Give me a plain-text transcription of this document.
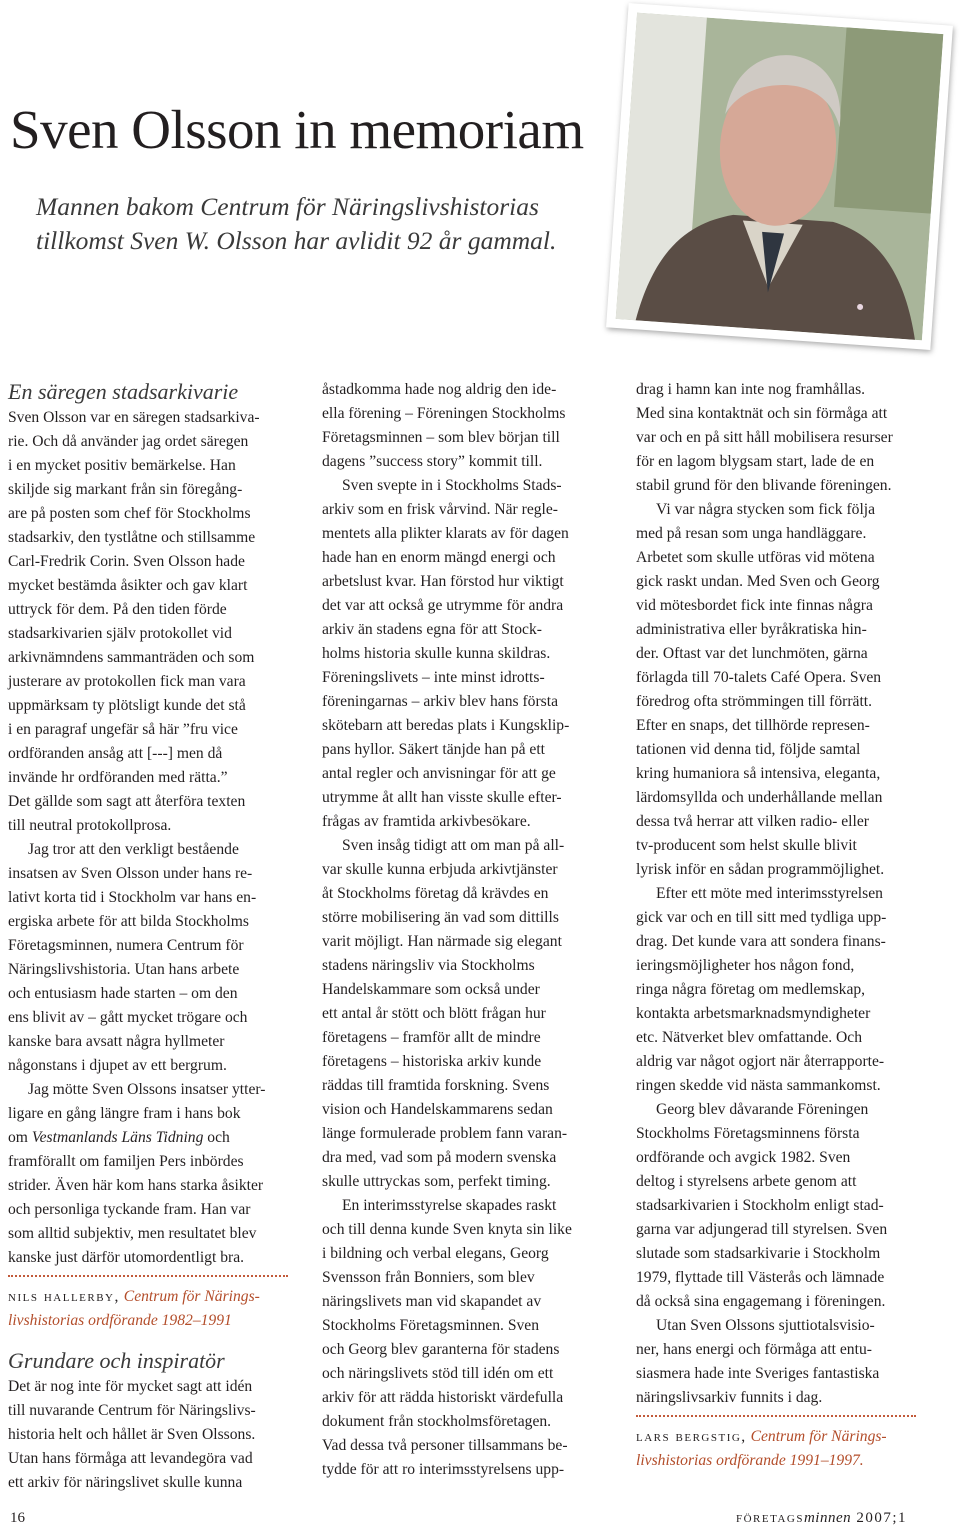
Sven Olsson in memoriam
Mannen bakom Centrum för Näringslivshistorias
tillkomst Sven W. Olsson har avlidit 92 år gammal.
En säregen stadsarkivarie

Sven Olsson var en säregen stadsarkiva-

rie. Och då använder jag ordet säregen

i en mycket positiv bemärkelse. Han

skiljde sig markant från sin föregång-

are på posten som chef för Stockholms

stadsarkiv, den tystlåtne och stillsamme

Carl-Fredrik Corin. Sven Olsson hade

mycket bestämda åsikter och gav klart

uttryck för dem. På den tiden förde

stadsarkivarien själv protokollet vid

arkivnämndens sammanträden och som

justerare av protokollen fick man vara

uppmärksam ty plötsligt kunde det stå

i en paragraf ungefär så här ”fru vice

ordföranden ansåg att [---] men då

invände hr ordföranden med rätta.”

Det gällde som sagt att återföra texten

till neutral protokollprosa.

Jag tror att den verkligt bestående

insatsen av Sven Olsson under hans re-

lativt korta tid i Stockholm var hans en-

ergiska arbete för att bilda Stockholms

Företagsminnen, numera Centrum för

Näringslivshistoria. Utan hans arbete

och entusiasm hade starten – om den

ens blivit av – gått mycket trögare och

kanske bara avsatt några hyllmeter

någonstans i djupet av ett bergrum.

Jag mötte Sven Olssons insatser ytter-

ligare en gång längre fram i hans bok

om Vestmanlands Läns Tidning och

framförallt om familjen Pers inbördes

strider. Även här kom hans starka åsikter

och personliga tyckande fram. Han var

som alltid subjektiv, men resultatet blev

kanske just därför utomordentligt bra.

nils hallerby, Centrum för Närings-

livshistorias ordförande 1982–1991

Grundare och inspiratör

Det är nog inte för mycket sagt att idén

till nuvarande Centrum för Näringslivs-

historia helt och hållet är Sven Olssons.

Utan hans förmåga att levandegöra vad

ett arkiv för näringslivet skulle kunna

åstadkomma hade nog aldrig den ide-

ella förening – Föreningen Stockholms

Företagsminnen – som blev början till

dagens ”success story” kommit till.

Sven svepte in i Stockholms Stads-

arkiv som en frisk vårvind. När regle-

mentets alla plikter klarats av för dagen

hade han en enorm mängd energi och

arbetslust kvar. Han förstod hur viktigt

det var att också ge utrymme för andra

arkiv än stadens egna för att Stock-

holms historia skulle kunna skildras.

Föreningslivets – inte minst idrotts-

föreningarnas – arkiv blev hans första

skötebarn att beredas plats i Kungsklip-

pans hyllor. Säkert tänjde han på ett

antal regler och anvisningar för att ge

utrymme åt allt han visste skulle efter-

frågas av framtida arkivbesökare.

Sven insåg tidigt att om man på all-

var skulle kunna erbjuda arkivtjänster

åt Stockholms företag då krävdes en

större mobilisering än vad som dittills

varit möjligt. Han närmade sig elegant

stadens näringsliv via Stockholms

Handelskammare som också under

ett antal år stött och blött frågan hur

företagens – framför allt de mindre

företagens – historiska arkiv kunde

räddas till framtida forskning. Svens

vision och Handelskammarens sedan

länge formulerade problem fann varan-

dra med, vad som på modern svenska

skulle uttryckas som, perfekt timing.

En interimsstyrelse skapades raskt

och till denna kunde Sven knyta sin like

i bildning och verbal elegans, Georg

Svensson från Bonniers, som blev

näringslivets man vid skapandet av

Stockholms Företagsminnen. Sven

och Georg blev garanterna för stadens

och näringslivets stöd till idén om ett

arkiv för att rädda historiskt värdefulla

dokument från stockholmsföretagen.

Vad dessa två personer tillsammans be-

tydde för att ro interimsstyrelsens upp-

drag i hamn kan inte nog framhållas.

Med sina kontaktnät och sin förmåga att

var och en på sitt håll mobilisera resurser

för en lagom blygsam start, lade de en

stabil grund för den blivande föreningen.

Vi var några stycken som fick följa

med på resan som unga handläggare.

Arbetet som skulle utföras vid mötena

gick raskt undan. Med Sven och Georg

vid mötesbordet fick inte finnas några

administrativa eller byråkratiska hin-

der. Oftast var det lunchmöten, gärna

förlagda till 70-talets Café Opera. Sven

föredrog ofta strömmingen till förrätt.

Efter en snaps, det tillhörde represen-

tationen vid denna tid, följde samtal

kring humaniora så intensiva, eleganta,

lärdomsyllda och underhållande mellan

dessa två herrar att vilken radio- eller

tv-producent som helst skulle blivit

lyrisk inför en sådan programmöjlighet.

Efter ett möte med interimsstyrelsen

gick var och en till sitt med tydliga upp-

drag. Det kunde vara att sondera finans-

ieringsmöjligheter hos någon fond,

ringa några företag om medlemskap,

kontakta arbetsmarknadsmyndigheter

etc. Nätverket blev omfattande. Och

aldrig var något ogjort när återrapporte-

ringen skedde vid nästa sammankomst.

Georg blev dåvarande Föreningen

Stockholms Företagsminnens första

ordförande och avgick 1982. Sven

deltog i styrelsens arbete genom att

stadsarkivarien i Stockholm enligt stad-

garna var adjungerad till styrelsen. Sven

slutade som stadsarkivarie i Stockholm

1979, flyttade till Västerås och lämnade

då också sina engagemang i föreningen.

Utan Sven Olssons sjuttiotalsvisio-

ner, hans energi och förmåga att entu-

siasmera hade inte Sveriges fantastiska

näringslivsarkiv funnits i dag.

lars bergstig, Centrum för Närings-

livshistorias ordförande 1991–1997.

16	företagsminnen 2007;1
